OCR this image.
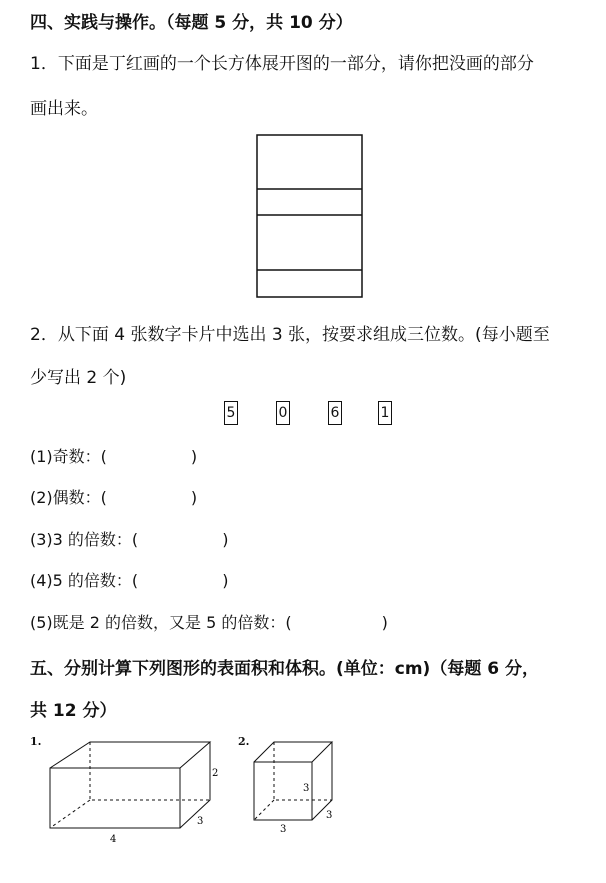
四、实践与操作。（每题 5 分，共 10 分）
1．下面是丁红画的一个长方体展开图的一部分，请你把没画的部分
画出来。
2．从下面 4 张数字卡片中选出 3 张，按要求组成三位数。(每小题至
少写出 2 个)
5	0	6	1
(1)奇数：(	)
(2)偶数：(	)
(3)3 的倍数：(	)
(4)5 的倍数：(	)
(5)既是 2 的倍数，又是 5 的倍数：(	)
五、分别计算下列图形的表面积和体积。(单位：cm)（每题 6 分，
共 12 分）
1.
2
3
4
2.
3
3
3
